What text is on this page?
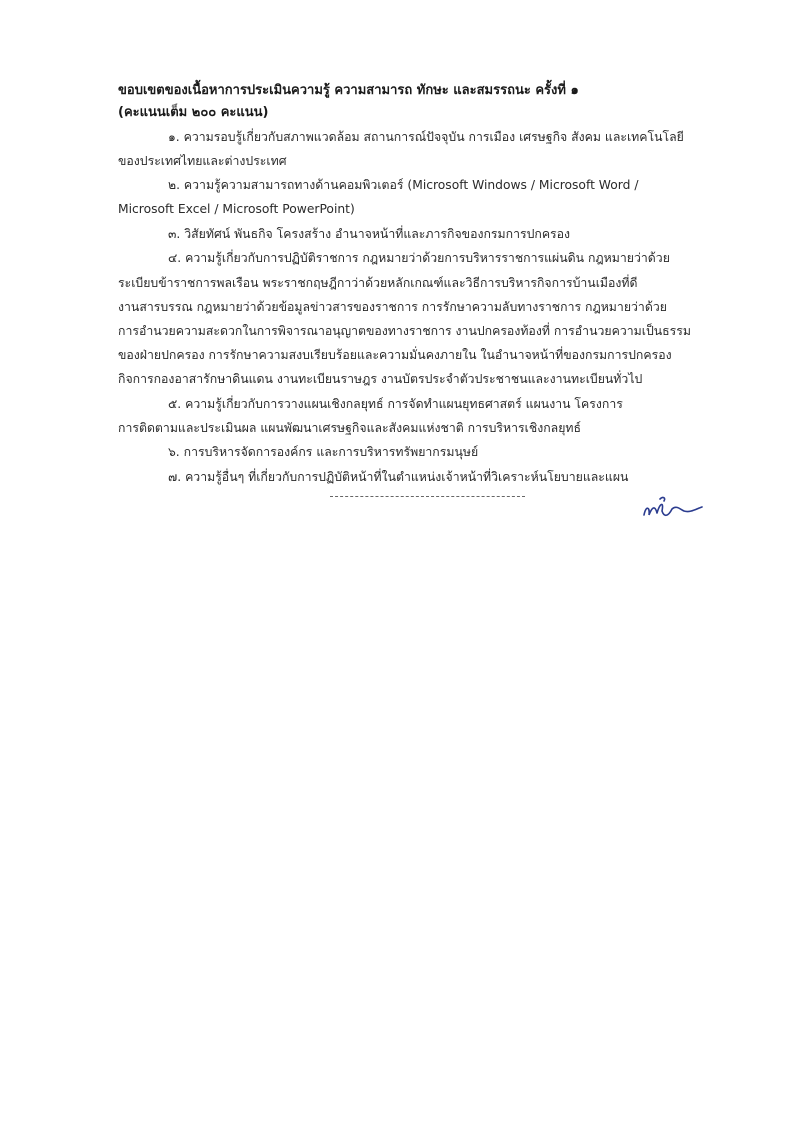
ขอบเขตของเนื้อหาการประเมินความรู้ ความสามารถ ทักษะ และสมรรถนะ ครั้งที่ ๑
(คะแนนเต็ม ๒๐๐ คะแนน)
๑. ความรอบรู้เกี่ยวกับสภาพแวดล้อม สถานการณ์ปัจจุบัน การเมือง เศรษฐกิจ สังคม และเทคโนโลยี
ของประเทศไทยและต่างประเทศ
๒. ความรู้ความสามารถทางด้านคอมพิวเตอร์ (Microsoft Windows / Microsoft Word /
Microsoft Excel / Microsoft PowerPoint)
๓. วิสัยทัศน์ พันธกิจ โครงสร้าง อำนาจหน้าที่และภารกิจของกรมการปกครอง
๔. ความรู้เกี่ยวกับการปฏิบัติราชการ กฎหมายว่าด้วยการบริหารราชการแผ่นดิน กฎหมายว่าด้วย
ระเบียบข้าราชการพลเรือน พระราชกฤษฎีกาว่าด้วยหลักเกณฑ์และวิธีการบริหารกิจการบ้านเมืองที่ดี
งานสารบรรณ กฎหมายว่าด้วยข้อมูลข่าวสารของราชการ การรักษาความลับทางราชการ กฎหมายว่าด้วย
การอำนวยความสะดวกในการพิจารณาอนุญาตของทางราชการ งานปกครองท้องที่ การอำนวยความเป็นธรรม
ของฝ่ายปกครอง การรักษาความสงบเรียบร้อยและความมั่นคงภายใน ในอำนาจหน้าที่ของกรมการปกครอง
กิจการกองอาสารักษาดินแดน งานทะเบียนราษฎร งานบัตรประจำตัวประชาชนและงานทะเบียนทั่วไป
๕. ความรู้เกี่ยวกับการวางแผนเชิงกลยุทธ์ การจัดทำแผนยุทธศาสตร์ แผนงาน โครงการ
การติดตามและประเมินผล แผนพัฒนาเศรษฐกิจและสังคมแห่งชาติ การบริหารเชิงกลยุทธ์
๖. การบริหารจัดการองค์กร และการบริหารทรัพยากรมนุษย์
๗. ความรู้อื่นๆ ที่เกี่ยวกับการปฏิบัติหน้าที่ในตำแหน่งเจ้าหน้าที่วิเคราะห์นโยบายและแผน
